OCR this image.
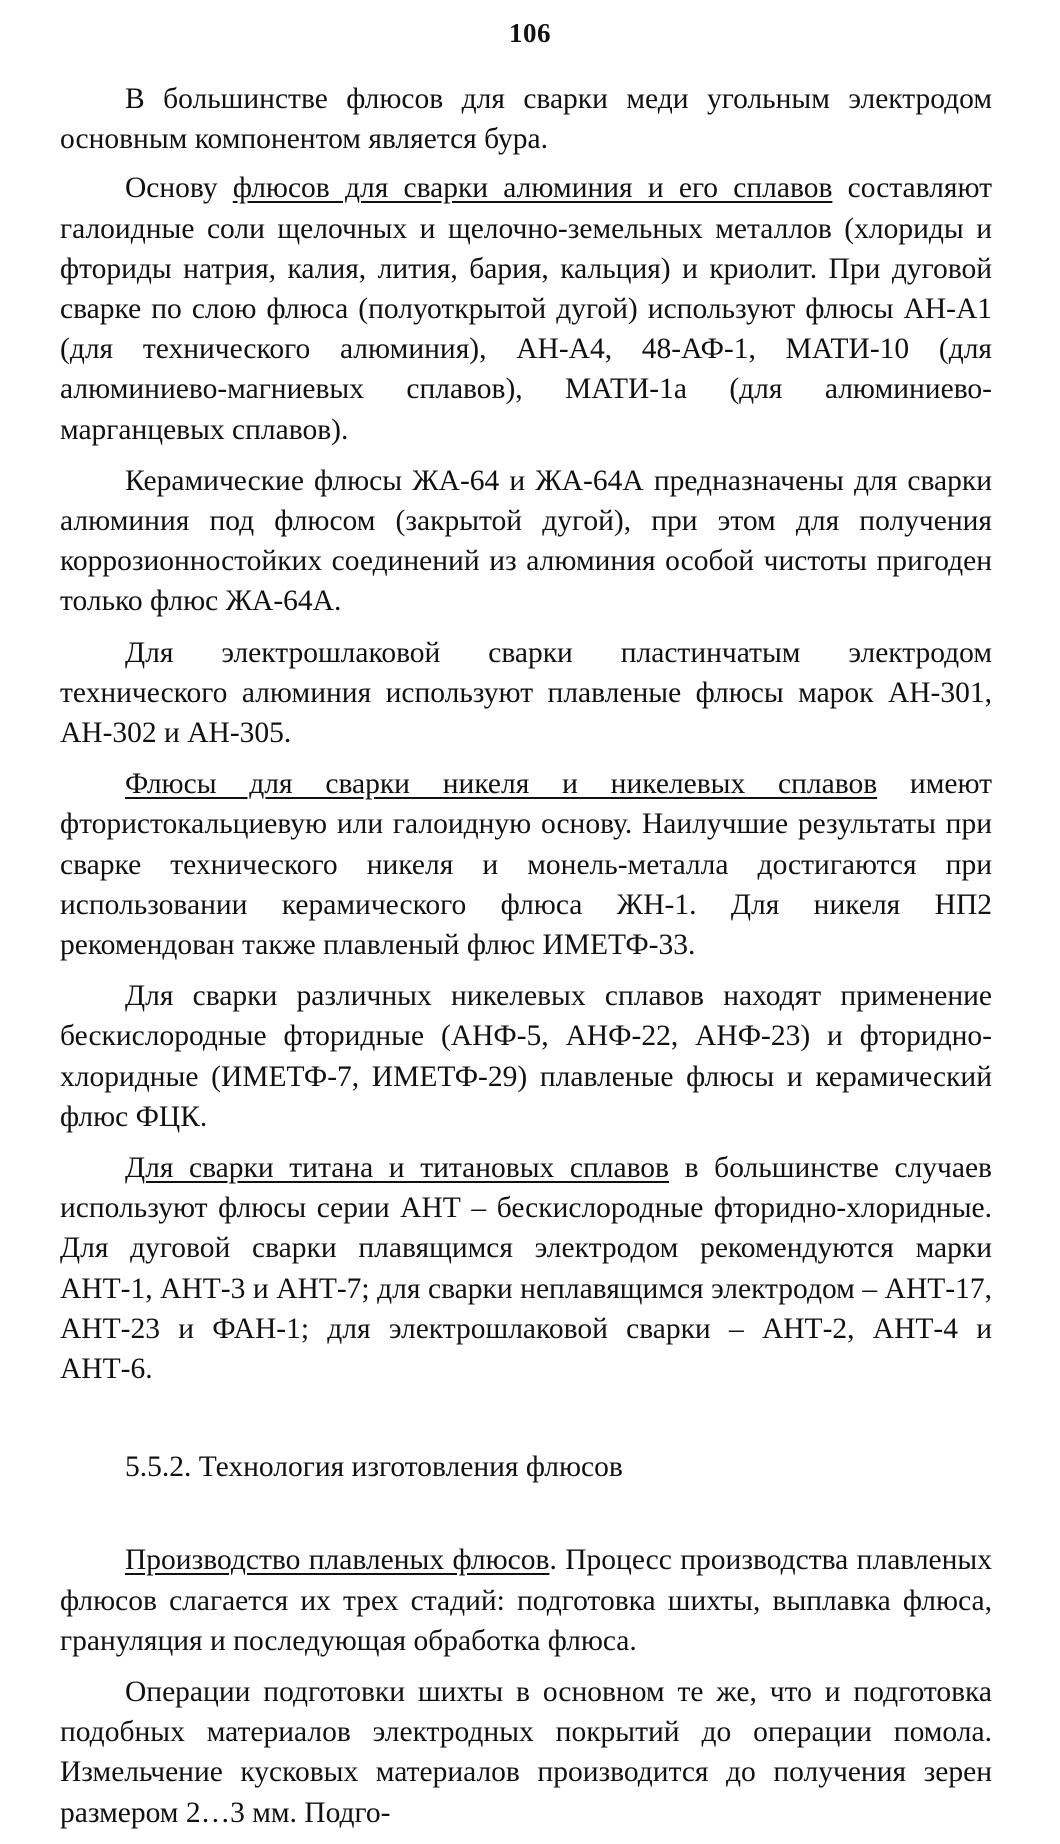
106

В большинстве флюсов для сварки меди угольным электродом основным компонентом является бура.

Основу флюсов для сварки алюминия и его сплавов составляют галоидные соли щелочных и щелочно-земельных металлов (хлориды и фториды натрия, калия, лития, бария, кальция) и криолит. При дуговой сварке по слою флюса (полуоткрытой дугой) используют флюсы АН-А1 (для технического алюминия), АН-А4, 48-АФ-1, МАТИ-10 (для алюминиево-магниевых сплавов), МАТИ-1а (для алюминиево-марганцевых сплавов).

Керамические флюсы ЖА-64 и ЖА-64А предназначены для сварки алюминия под флюсом (закрытой дугой), при этом для получения коррозионностойких соединений из алюминия особой чистоты пригоден только флюс ЖА-64А.

Для электрошлаковой сварки пластинчатым электродом технического алюминия используют плавленые флюсы марок АН-301, АН-302 и АН-305.

Флюсы для сварки никеля и никелевых сплавов имеют фтористокальциевую или галоидную основу. Наилучшие результаты при сварке технического никеля и монель-металла достигаются при использовании керамического флюса ЖН-1. Для никеля НП2 рекомендован также плавленый флюс ИМЕТФ-33.

Для сварки различных никелевых сплавов находят применение бескислородные фторидные (АНФ-5, АНФ-22, АНФ-23) и фторидно-хлоридные (ИМЕТФ-7, ИМЕТФ-29) плавленые флюсы и керамический флюс ФЦК.

Для сварки титана и титановых сплавов в большинстве случаев используют флюсы серии АНТ – бескислородные фторидно-хлоридные. Для дуговой сварки плавящимся электродом рекомендуются марки АНТ-1, АНТ-3 и АНТ-7; для сварки неплавящимся электродом – АНТ-17, АНТ-23 и ФАН-1; для электрошлаковой сварки – АНТ-2, АНТ-4 и АНТ-6.

5.5.2. Технология изготовления флюсов

Производство плавленых флюсов. Процесс производства плавленых флюсов слагается их трех стадий: подготовка шихты, выплавка флюса, грануляция и последующая обработка флюса.

Операции подготовки шихты в основном те же, что и подготовка подобных материалов электродных покрытий до операции помола. Измельчение кусковых материалов производится до получения зерен размером 2…3 мм. Подго-
